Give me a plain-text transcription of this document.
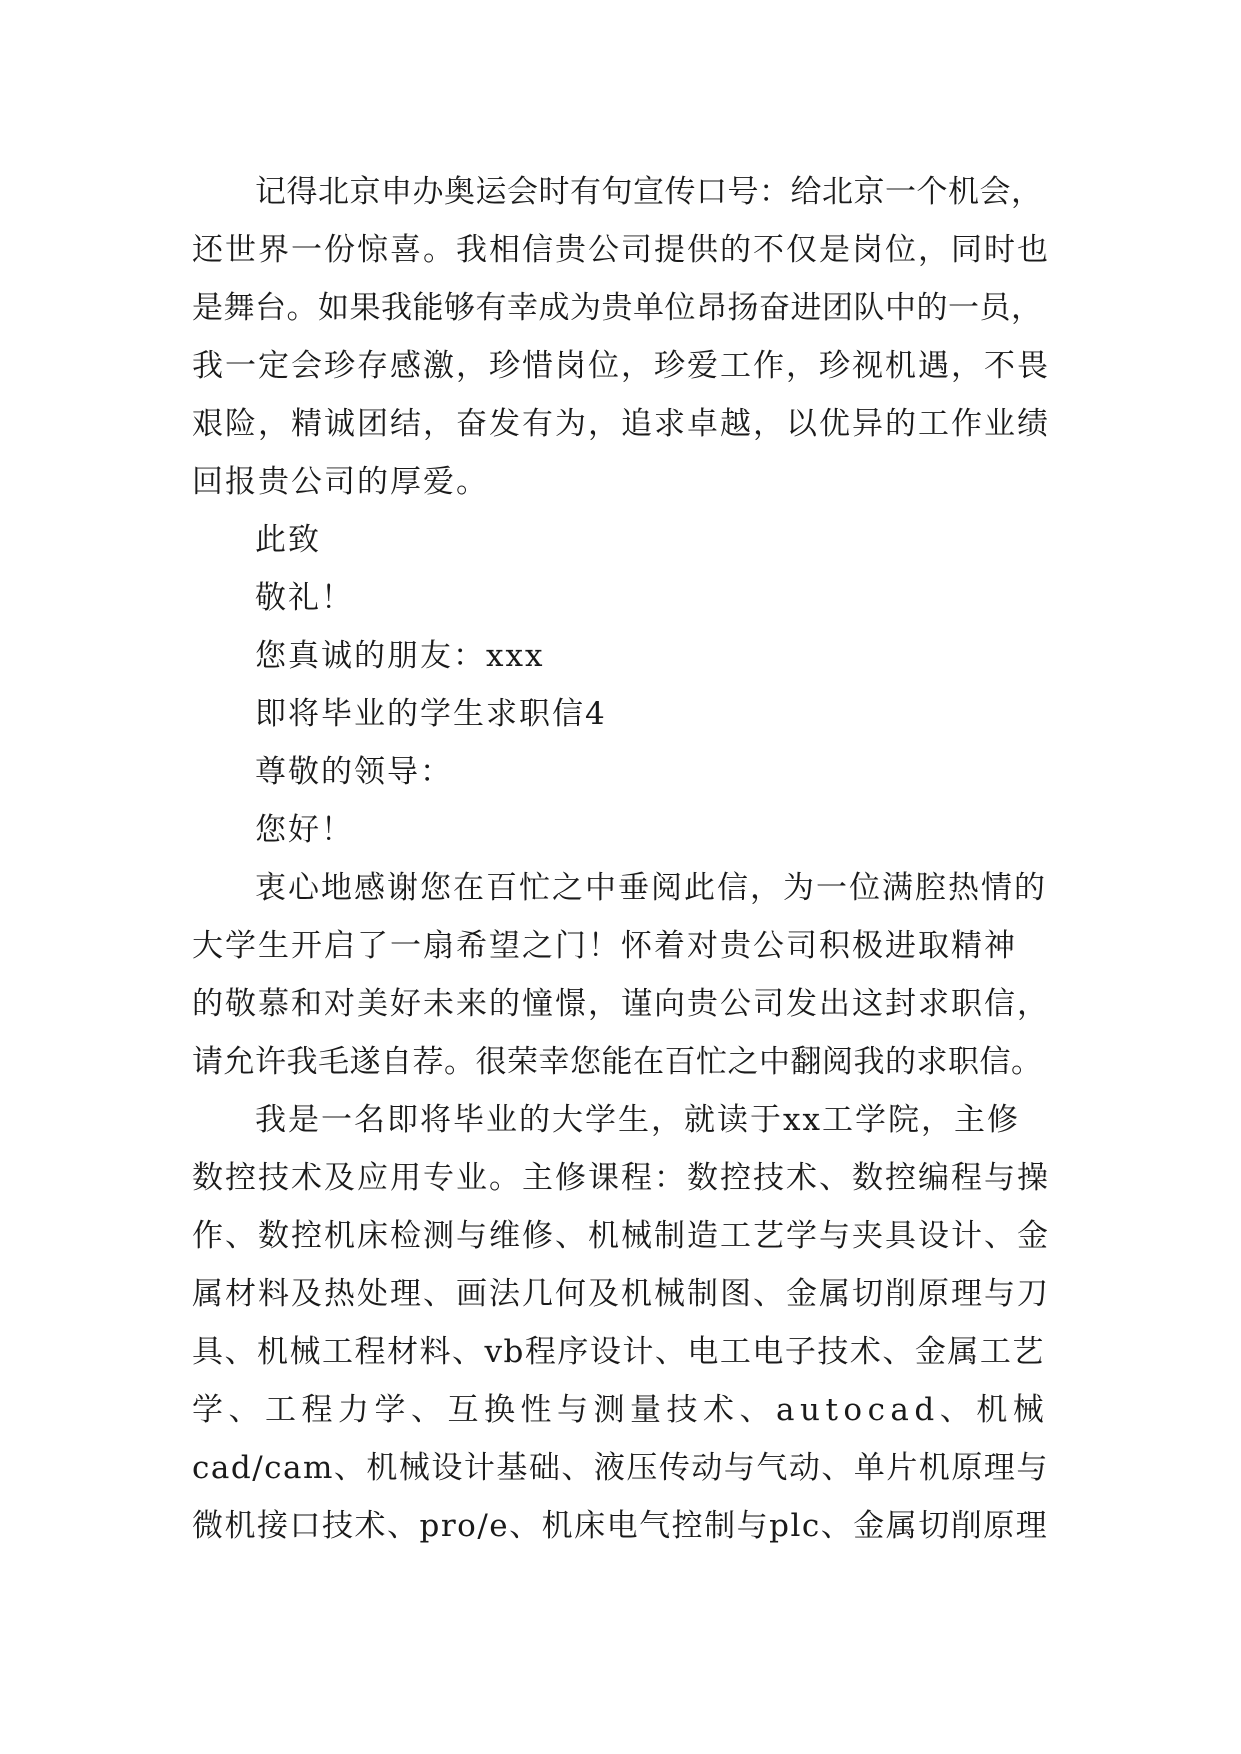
记得北京申办奥运会时有句宣传口号：给北京一个机会，
还世界一份惊喜。我相信贵公司提供的不仅是岗位，同时也
是舞台。如果我能够有幸成为贵单位昂扬奋进团队中的一员，
我一定会珍存感激，珍惜岗位，珍爱工作，珍视机遇，不畏
艰险，精诚团结，奋发有为，追求卓越，以优异的工作业绩
回报贵公司的厚爱。
此致
敬礼！
您真诚的朋友：xxx
即将毕业的学生求职信4
尊敬的领导：
您好！
衷心地感谢您在百忙之中垂阅此信，为一位满腔热情的
大学生开启了一扇希望之门！怀着对贵公司积极进取精神
的敬慕和对美好未来的憧憬，谨向贵公司发出这封求职信，
请允许我毛遂自荐。很荣幸您能在百忙之中翻阅我的求职信。
我是一名即将毕业的大学生，就读于xx工学院，主修
数控技术及应用专业。主修课程：数控技术、数控编程与操
作、数控机床检测与维修、机械制造工艺学与夹具设计、金
属材料及热处理、画法几何及机械制图、金属切削原理与刀
具、机械工程材料、vb程序设计、电工电子技术、金属工艺
学、工程力学、互换性与测量技术、autocad、机械
cad/cam、机械设计基础、液压传动与气动、单片机原理与
微机接口技术、pro/e、机床电气控制与plc、金属切削原理
